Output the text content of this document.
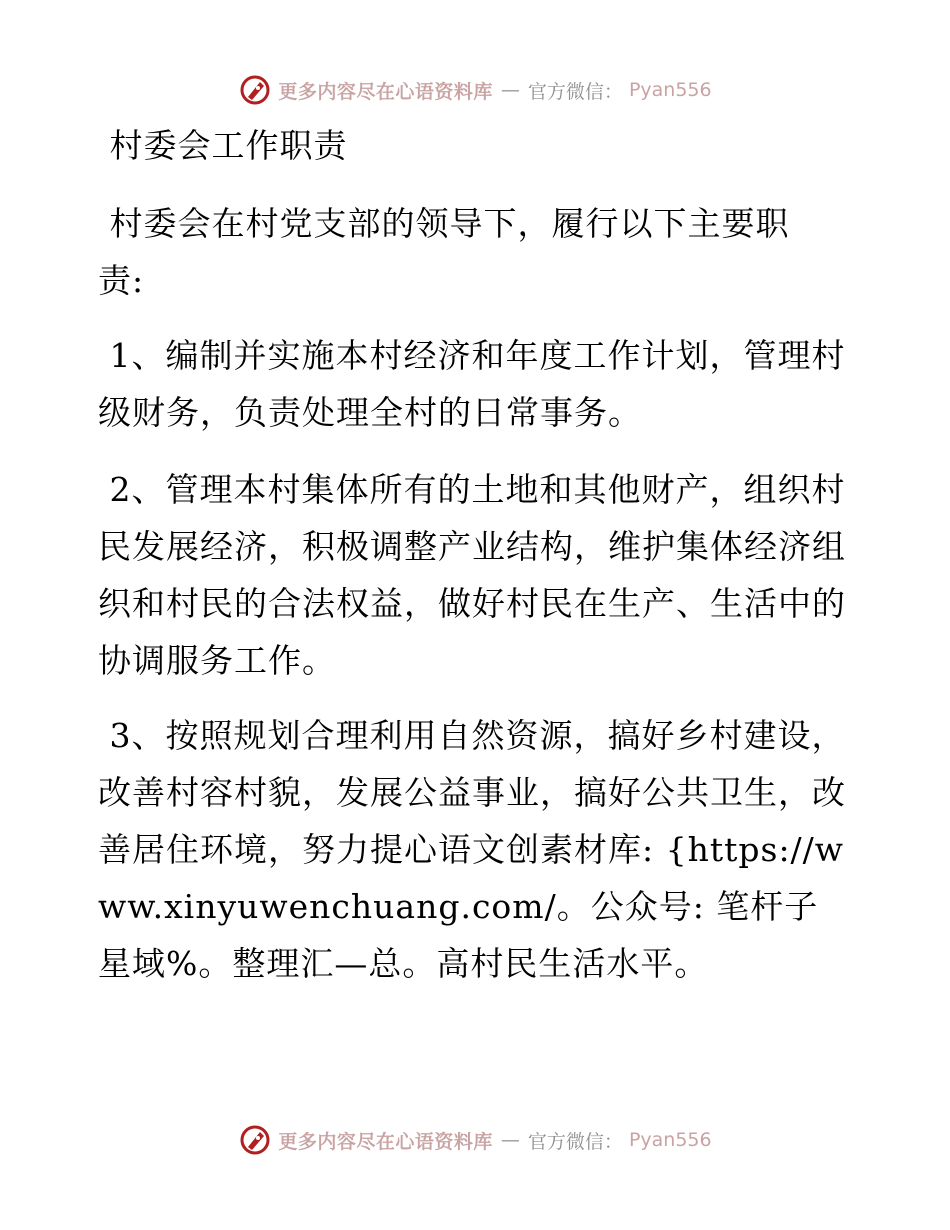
更多内容尽在心语资料库 — 官方微信： Pyan556

村委会工作职责

村委会在村党支部的领导下，履行以下主要职责:

1、编制并实施本村经济和年度工作计划，管理村级财务，负责处理全村的日常事务。

2、管理本村集体所有的土地和其他财产，组织村民发展经济，积极调整产业结构，维护集体经济组织和村民的合法权益，做好村民在生产、生活中的协调服务工作。

3、按照规划合理利用自然资源，搞好乡村建设，改善村容村貌，发展公益事业，搞好公共卫生，改善居住环境，努力提心语文创素材库: {https://www.xinyuwenchuang.com/。公众号: 笔杆子星域%。整理汇—总。高村民生活水平。

更多内容尽在心语资料库 — 官方微信： Pyan556
